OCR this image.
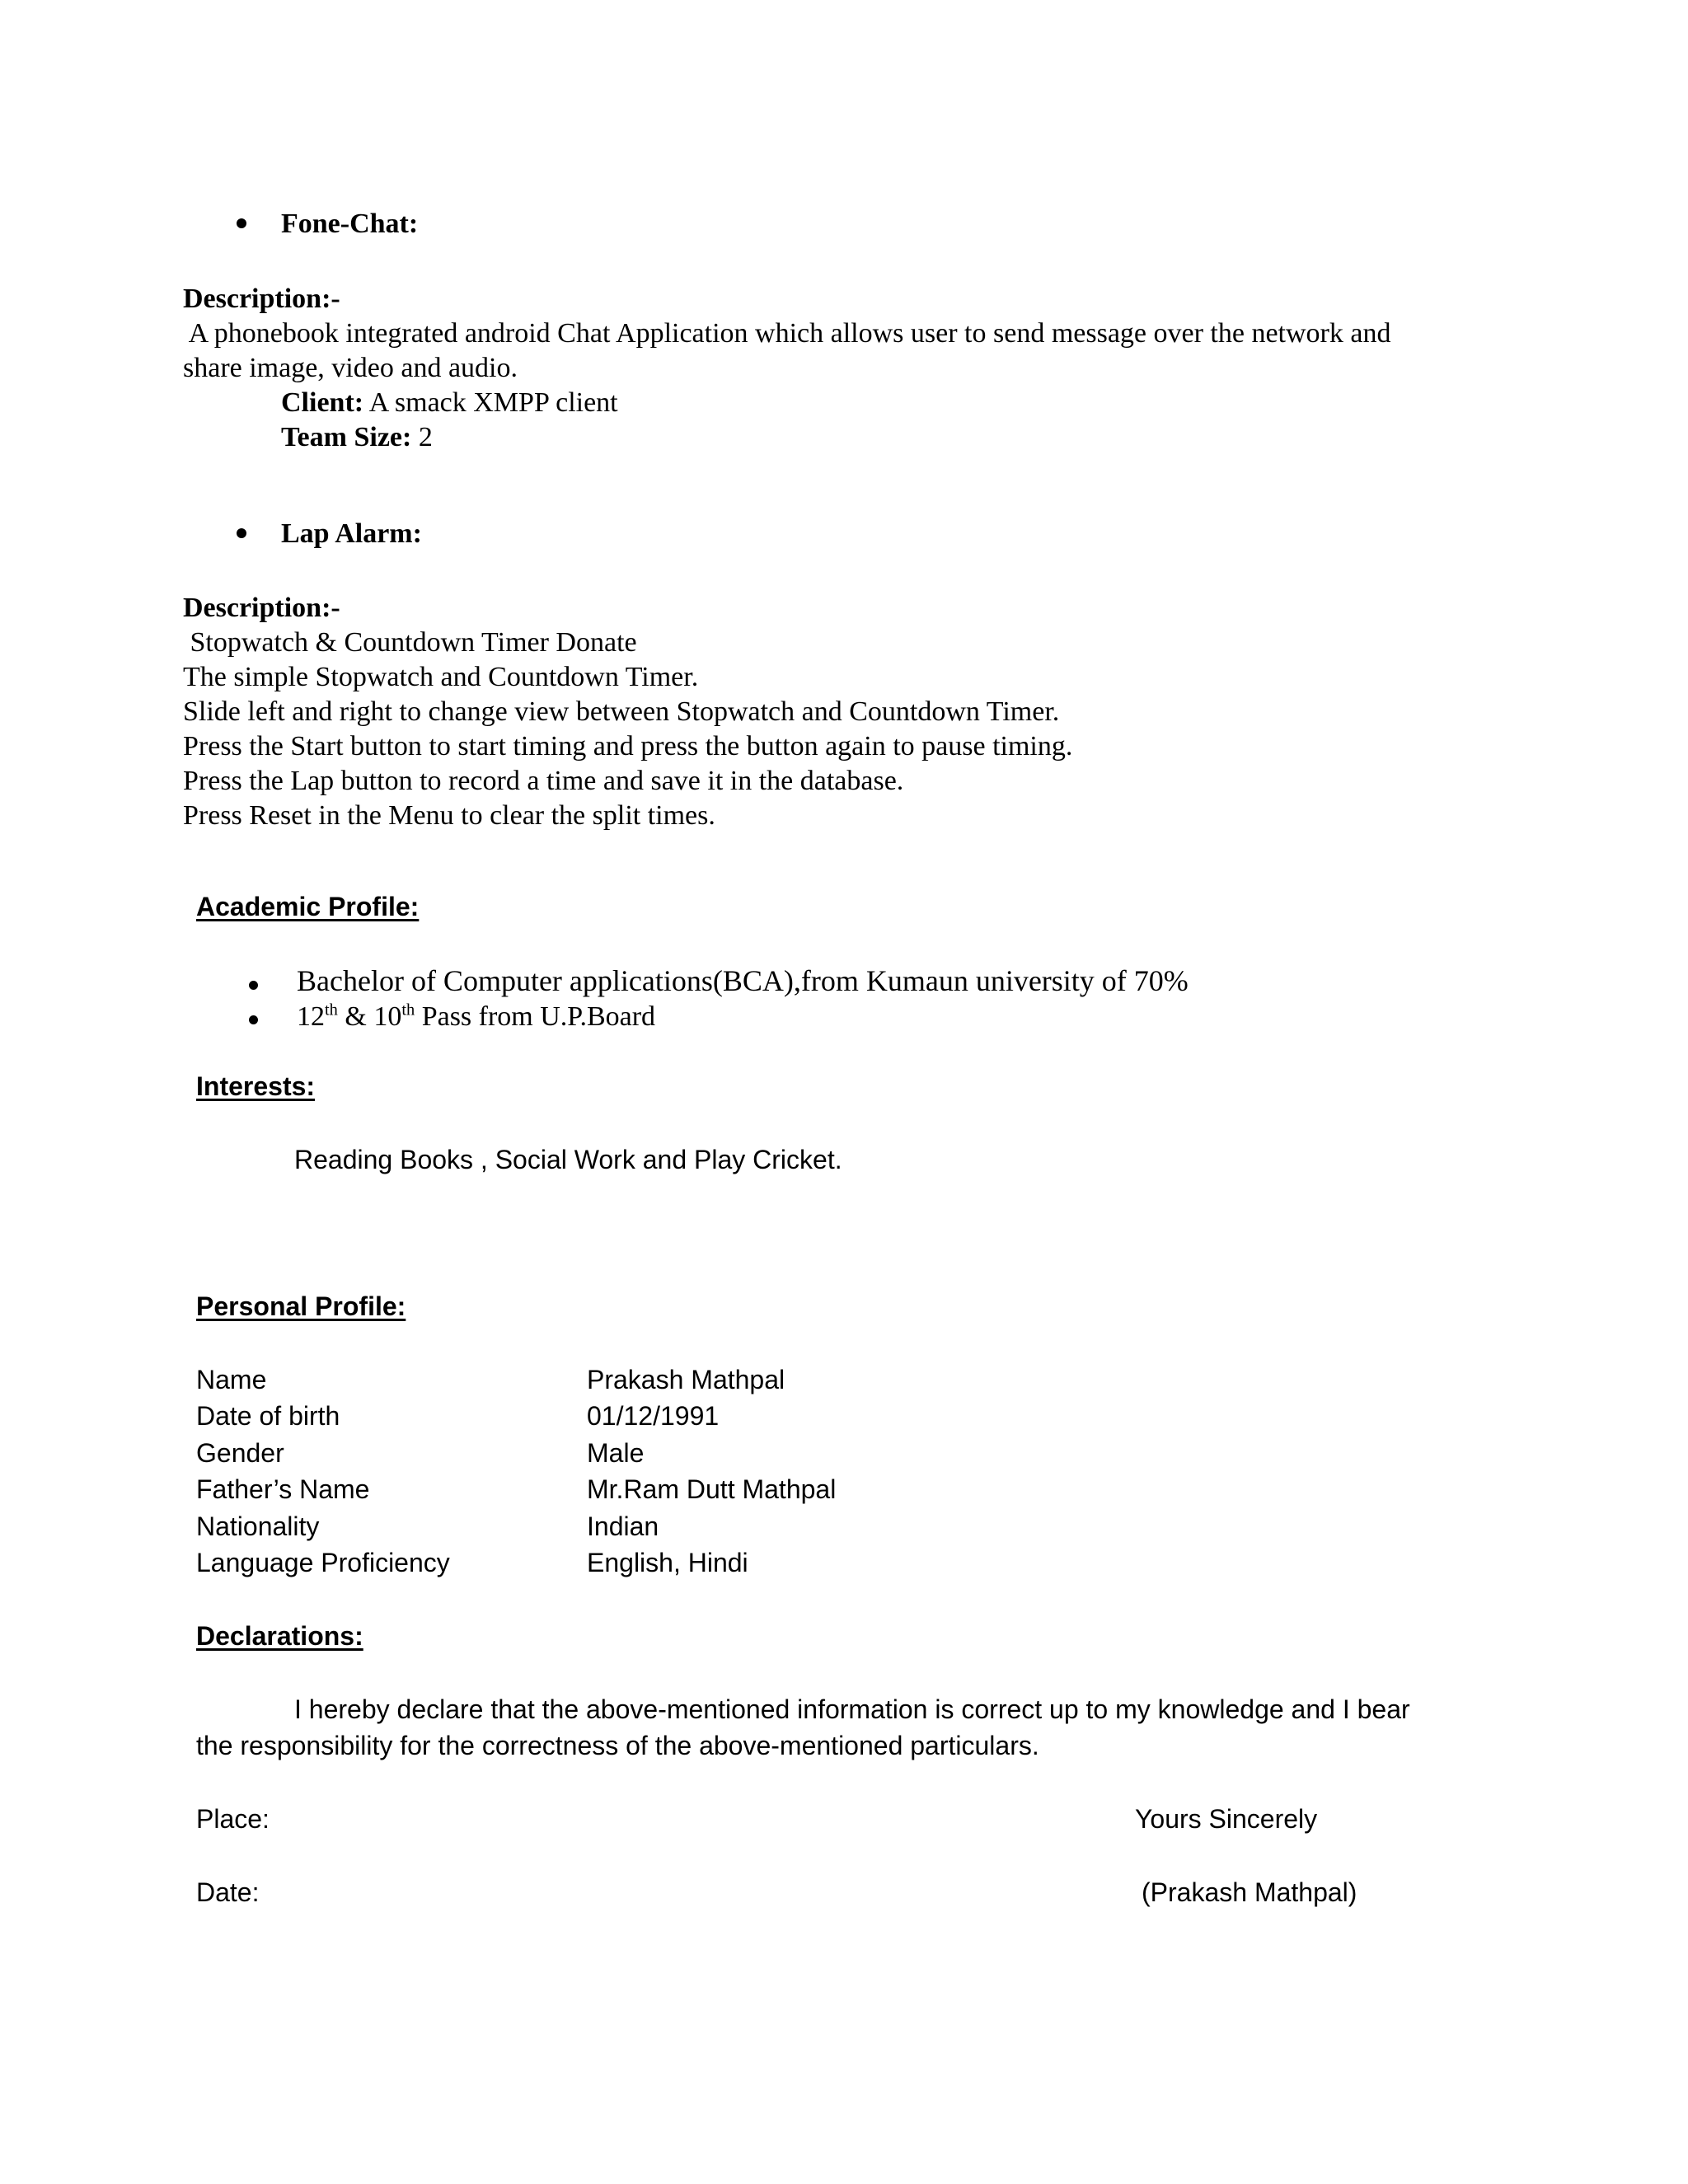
Fone-Chat:
Description:-
A phonebook integrated android Chat Application which allows user to send message over the network and
share image, video and audio.
Client: A smack XMPP client
Team Size: 2
Lap Alarm:
Description:-
Stopwatch & Countdown Timer Donate
The simple Stopwatch and Countdown Timer.
Slide left and right to change view between Stopwatch and Countdown Timer.
Press the Start button to start timing and press the button again to pause timing.
Press the Lap button to record a time and save it in the database.
Press Reset in the Menu to clear the split times.
Academic Profile:
Bachelor of Computer applications(BCA),from Kumaun university of 70%
12th & 10th Pass from U.P.Board
Interests:
Reading Books , Social Work and Play Cricket.
Personal Profile:
Name	Prakash Mathpal
Date of birth	01/12/1991
Gender	Male
Father’s Name	Mr.Ram Dutt Mathpal
Nationality	Indian
Language Proficiency	English, Hindi
Declarations:
I hereby declare that the above-mentioned information is correct up to my knowledge and I bear
the responsibility for the correctness of the above-mentioned particulars.
Place:	Yours Sincerely
Date:	(Prakash Mathpal)
